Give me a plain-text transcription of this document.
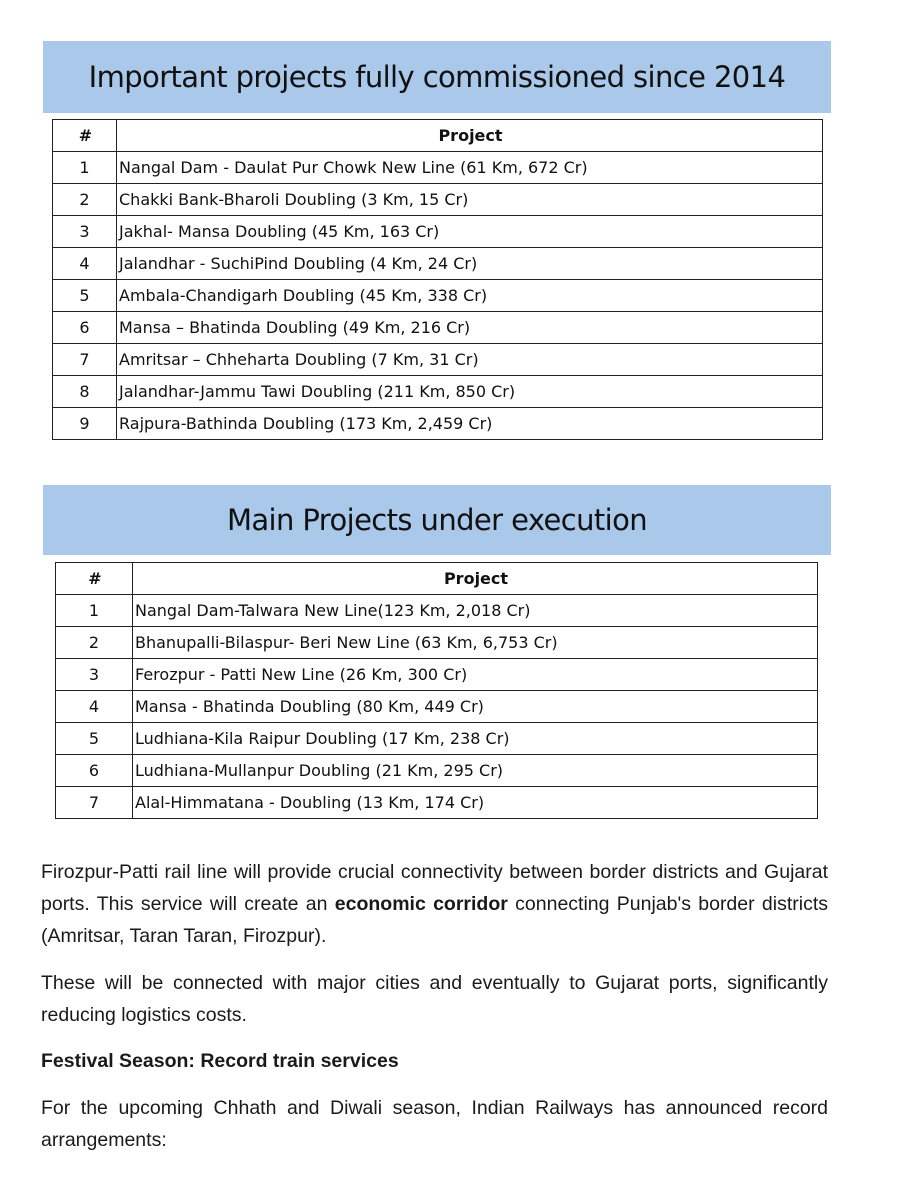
Important projects fully commissioned since 2014
#	Project
1	Nangal Dam - Daulat Pur Chowk New Line (61 Km, 672 Cr)
2	Chakki Bank-Bharoli Doubling (3 Km, 15 Cr)
3	Jakhal- Mansa Doubling (45 Km, 163 Cr)
4	Jalandhar - SuchiPind Doubling (4 Km, 24 Cr)
5	Ambala-Chandigarh Doubling (45 Km, 338 Cr)
6	Mansa – Bhatinda Doubling (49 Km, 216 Cr)
7	Amritsar – Chheharta Doubling (7 Km, 31 Cr)
8	Jalandhar-Jammu Tawi Doubling (211 Km, 850 Cr)
9	Rajpura-Bathinda Doubling (173 Km, 2,459 Cr)
Main Projects under execution
#	Project
1	Nangal Dam-Talwara New Line(123 Km, 2,018 Cr)
2	Bhanupalli-Bilaspur- Beri New Line (63 Km, 6,753 Cr)
3	Ferozpur - Patti New Line (26 Km, 300 Cr)
4	Mansa - Bhatinda Doubling (80 Km, 449 Cr)
5	Ludhiana-Kila Raipur Doubling (17 Km, 238 Cr)
6	Ludhiana-Mullanpur Doubling (21 Km, 295 Cr)
7	Alal-Himmatana - Doubling (13 Km, 174 Cr)

Firozpur-Patti rail line will provide crucial connectivity between border districts and Gujarat ports. This service will create an economic corridor connecting Punjab's border districts (Amritsar, Taran Taran, Firozpur).

These will be connected with major cities and eventually to Gujarat ports, significantly reducing logistics costs.

Festival Season: Record train services

For the upcoming Chhath and Diwali season, Indian Railways has announced record arrangements:
